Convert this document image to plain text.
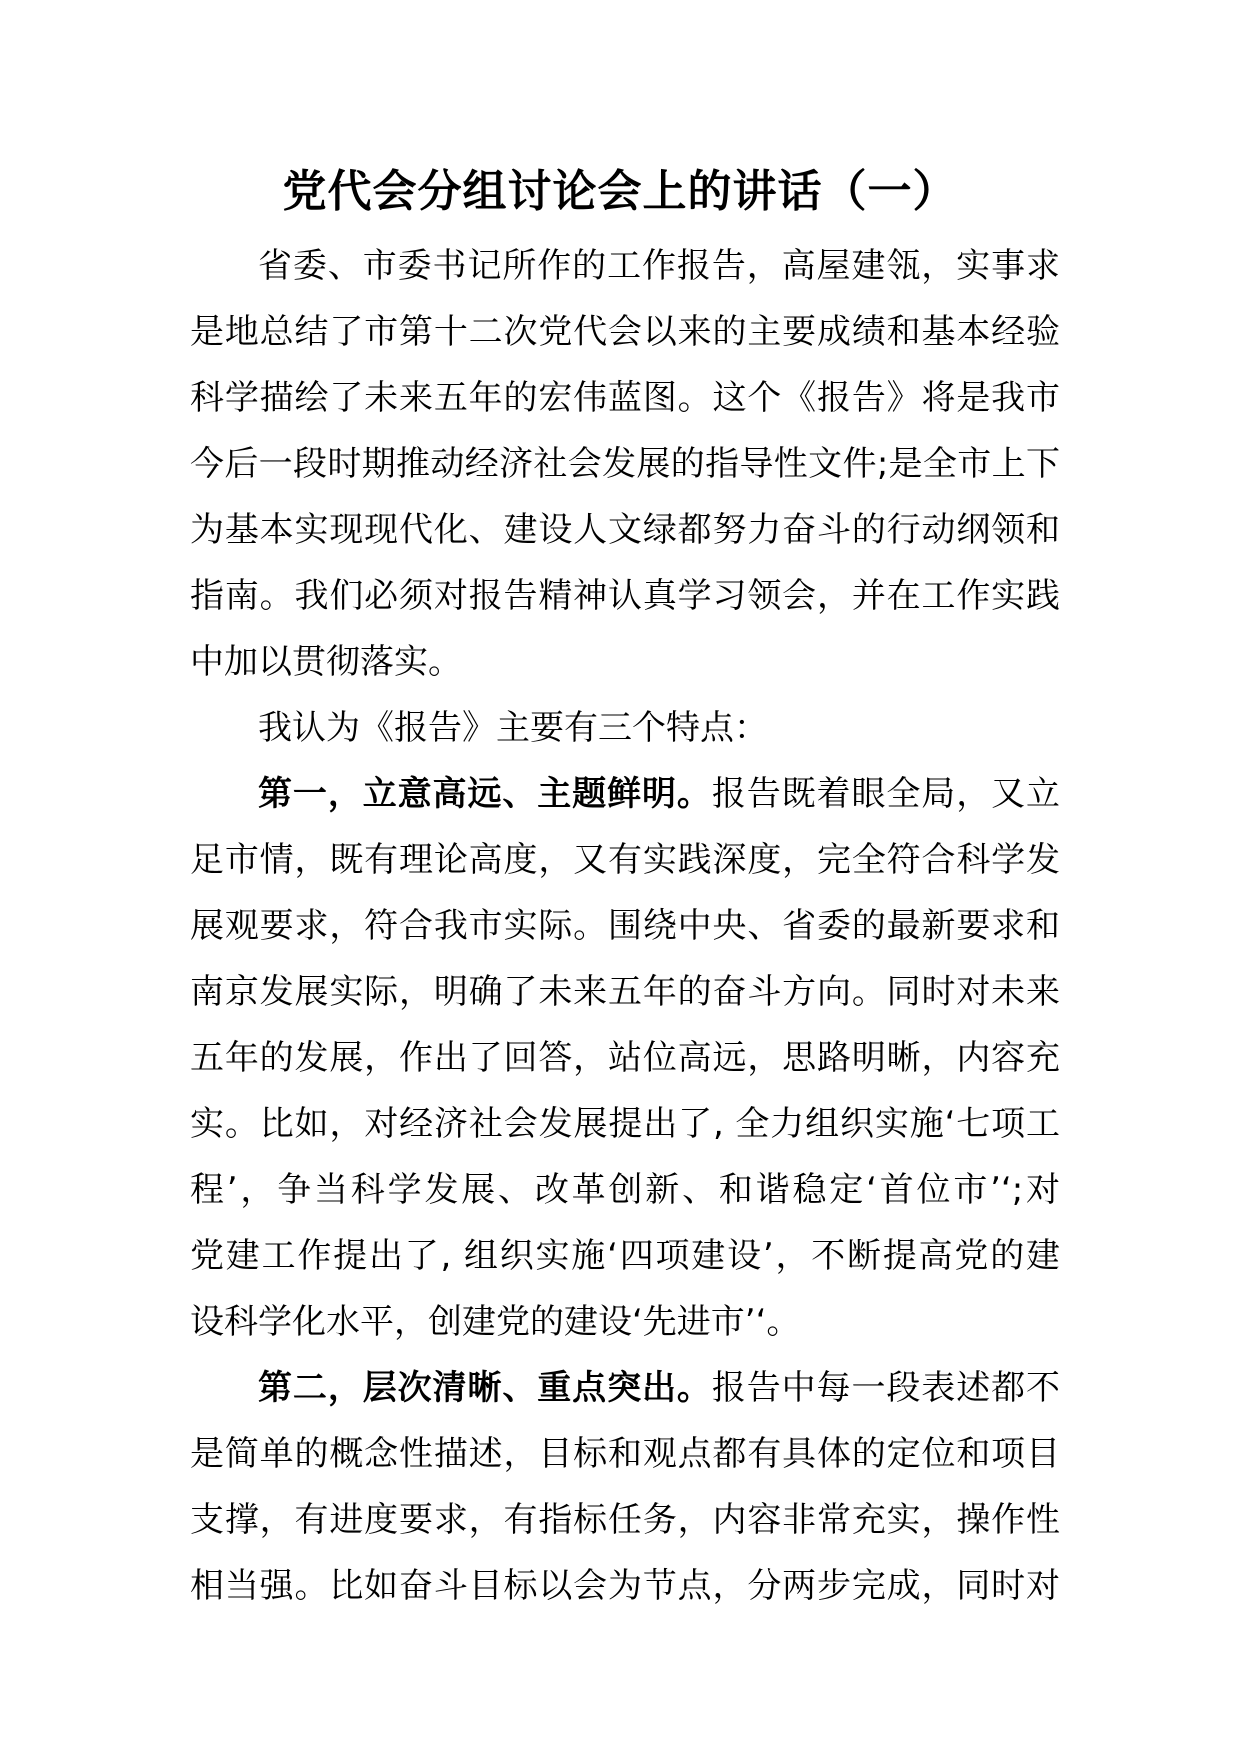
党代会分组讨论会上的讲话（一）
省委、市委书记所作的工作报告，高屋建瓴，实事求
是地总结了市第十二次党代会以来的主要成绩和基本经验
科学描绘了未来五年的宏伟蓝图。这个《报告》将是我市
今后一段时期推动经济社会发展的指导性文件;是全市上下
为基本实现现代化、建设人文绿都努力奋斗的行动纲领和
指南。我们必须对报告精神认真学习领会，并在工作实践
中加以贯彻落实。
我认为《报告》主要有三个特点：
第一，立意高远、主题鲜明。报告既着眼全局，又立
足市情，既有理论高度，又有实践深度，完全符合科学发
展观要求，符合我市实际。围绕中央、省委的最新要求和
南京发展实际，明确了未来五年的奋斗方向。同时对未来
五年的发展，作出了回答，站位高远，思路明晰，内容充
实。比如，对经济社会发展提出了, 全力组织实施‘七项工
程’，争当科学发展、改革创新、和谐稳定‘首位市’‘;对
党建工作提出了, 组织实施‘四项建设’，不断提高党的建
设科学化水平，创建党的建设‘先进市’‘。
第二，层次清晰、重点突出。报告中每一段表述都不
是简单的概念性描述，目标和观点都有具体的定位和项目
支撑，有进度要求，有指标任务，内容非常充实，操作性
相当强。比如奋斗目标以会为节点，分两步完成，同时对
